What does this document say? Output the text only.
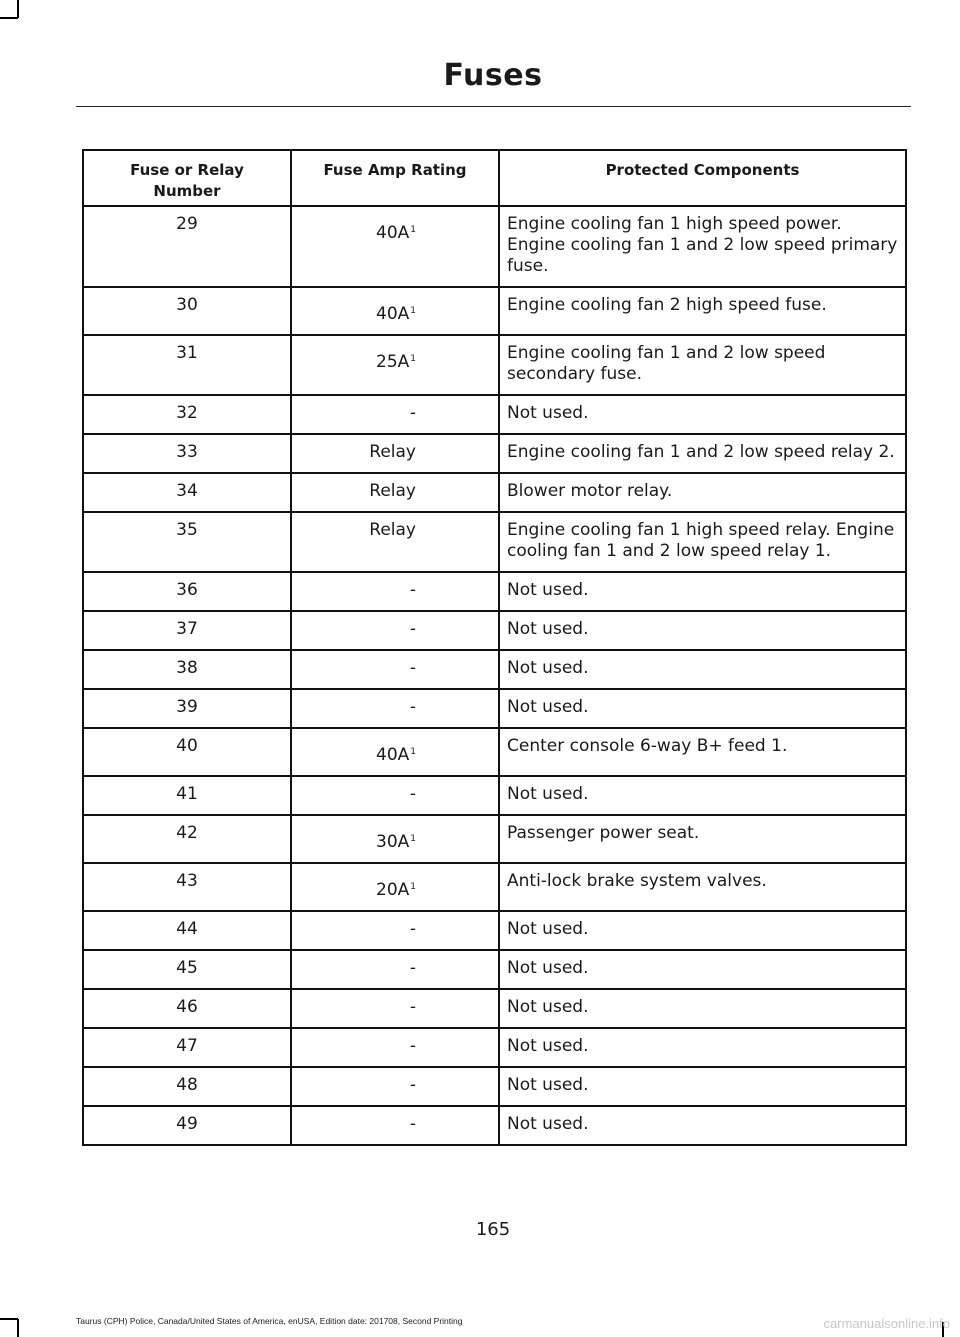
Fuses
Fuse or Relay Number	Fuse Amp Rating	Protected Components
29	$40A^1$	Engine cooling fan 1 high speed power. Engine cooling fan 1 and 2 low speed primary fuse.
30	$40A^1$	Engine cooling fan 2 high speed fuse.
31	$25A^1$	Engine cooling fan 1 and 2 low speed secondary fuse.
32	-	Not used.
33	Relay	Engine cooling fan 1 and 2 low speed relay 2.
34	Relay	Blower motor relay.
35	Relay	Engine cooling fan 1 high speed relay. Engine cooling fan 1 and 2 low speed relay 1.
36	-	Not used.
37	-	Not used.
38	-	Not used.
39	-	Not used.
40	$40A^1$	Center console 6-way B+ feed 1.
41	-	Not used.
42	$30A^1$	Passenger power seat.
43	$20A^1$	Anti-lock brake system valves.
44	-	Not used.
45	-	Not used.
46	-	Not used.
47	-	Not used.
48	-	Not used.
49	-	Not used.
165
Taurus (CPH) Police, Canada/United States of America, enUSA, Edition date: 201708, Second Printing	carmanualsonline.info
